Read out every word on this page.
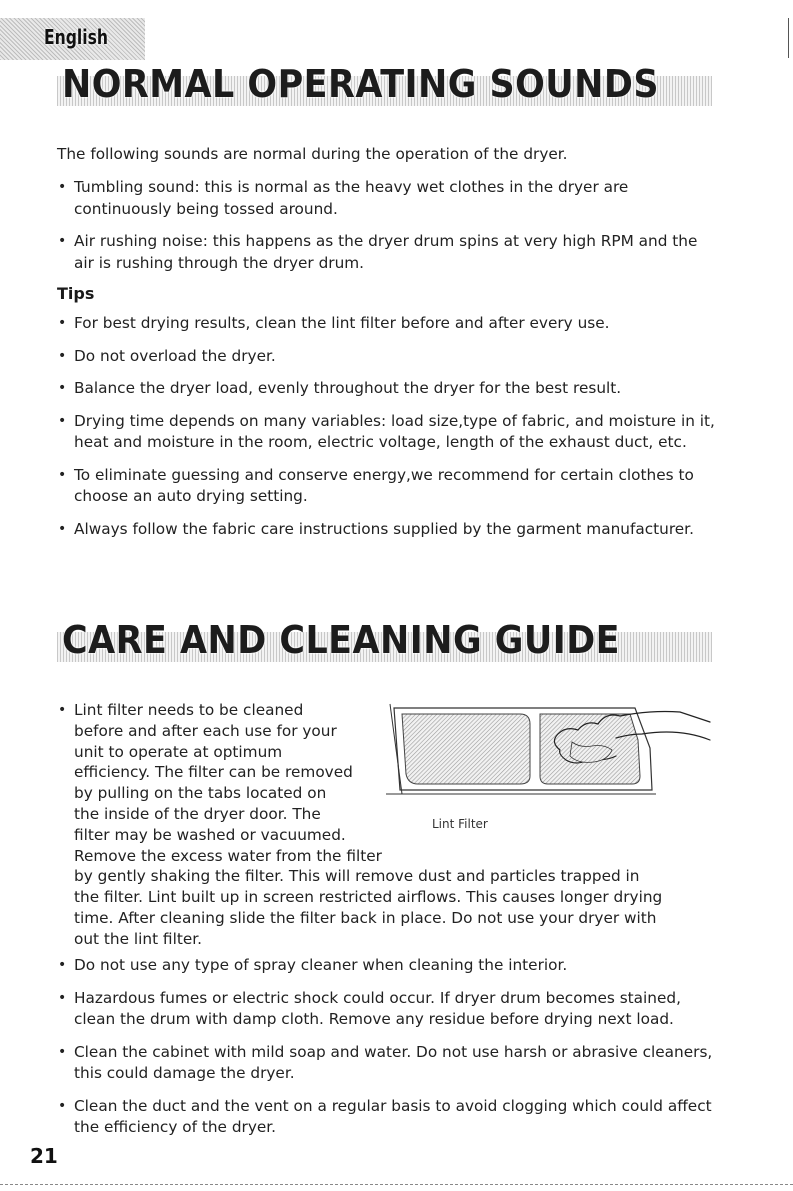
English
NORMAL OPERATING SOUNDS

The following sounds are normal during the operation of the dryer.

• Tumbling sound: this is normal as the heavy wet clothes in the dryer are continuously being tossed around.
• Air rushing noise: this happens as the dryer drum spins at very high RPM and the air is rushing through the dryer drum.
Tips
• For best drying results, clean the lint filter before and after every use.
• Do not overload the dryer.
• Balance the dryer load, evenly throughout the dryer for the best result.
• Drying time depends on many variables: load size,type of fabric, and moisture in it, heat and moisture in the room, electric voltage, length of the exhaust duct, etc.
• To eliminate guessing and conserve energy,we recommend for certain clothes to choose an auto drying setting.
• Always follow the fabric care instructions supplied by the garment manufacturer.
CARE AND CLEANING GUIDE
• Lint filter needs to be cleaned
before and after each use for your
unit to operate at optimum
efficiency. The filter can be removed
by pulling on the tabs located on
the inside of the dryer door. The
filter may be washed or vacuumed.
Remove the excess water from the filter
by gently shaking the filter. This will remove dust and particles trapped in
the filter. Lint built up in screen restricted airflows. This causes longer drying
time. After cleaning slide the filter back in place. Do not use your dryer with
out the lint filter.
Lint Filter
• Do not use any type of spray cleaner when cleaning the interior.
• Hazardous fumes or electric shock could occur. If dryer drum becomes stained, clean the drum with damp cloth. Remove any residue before drying next load.
• Clean the cabinet with mild soap and water. Do not use harsh or abrasive cleaners, this could damage the dryer.
• Clean the duct and the vent on a regular basis to avoid clogging which could affect the efficiency of the dryer.

21
